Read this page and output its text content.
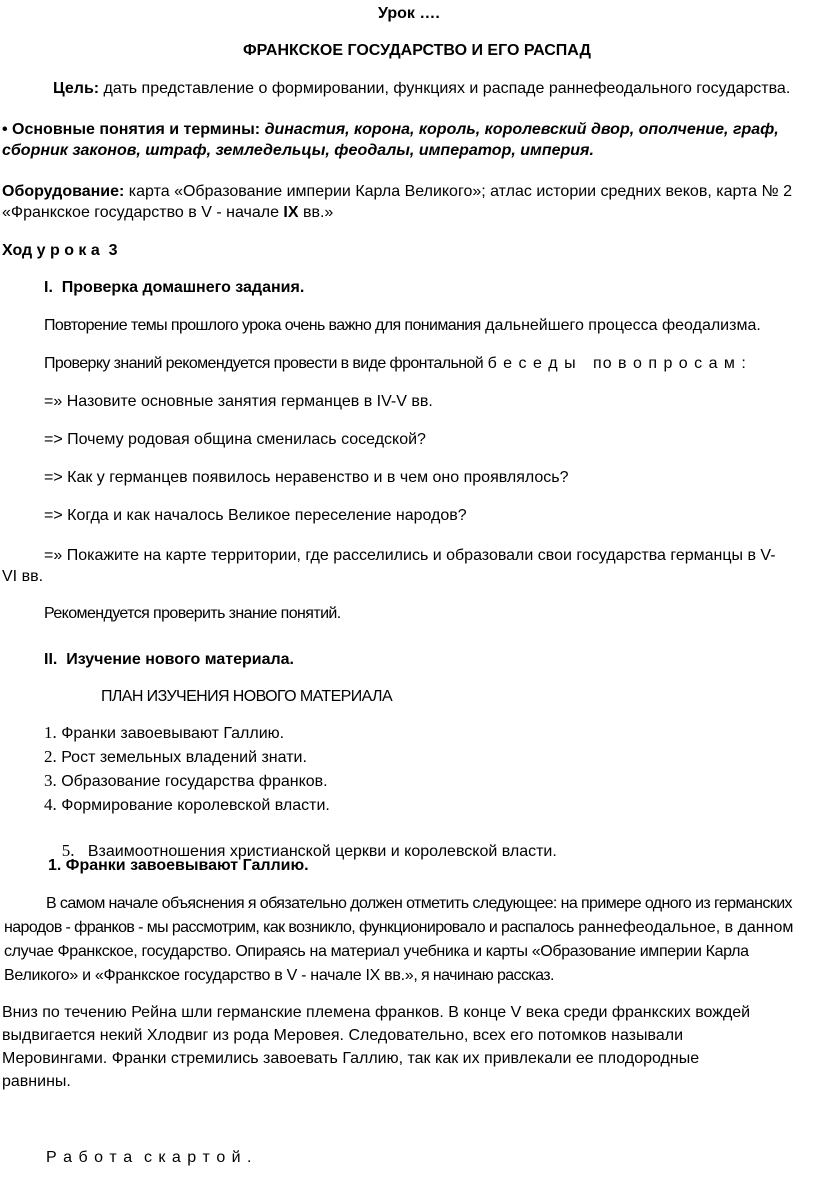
Урок ….
ФРАНКСКОЕ ГОСУДАРСТВО И ЕГО РАСПАД
Цель: дать представление о формировании, функциях и распаде раннефеодального государства.
• Основные понятия и термины: династия, корона, король, королевский двор, ополчение, граф,
сборник законов, штраф, земледельцы, феодалы, император, империя.
Оборудование: карта «Образование империи Карла Великого»; атлас истории средних веков, карта № 2
«Франкское государство в V - начале IX вв.»
Ход у р о к а  3
I.  Проверка домашнего задания.
Повторение темы прошлого урока очень важно для понимания дальнейшего процесса феодализма.
Проверку знаний рекомендуется провести в виде фронтальной б е с е д ы по в о п р о с а м :
=» Назовите основные занятия германцев в IV-V вв.
=> Почему родовая община сменилась соседской?
=> Как у германцев появилось неравенство и в чем оно проявлялось?
=> Когда и как началось Великое переселение народов?
=» Покажите на карте территории, где расселились и образовали свои государства германцы в V-
VI вв.
Рекомендуется проверить знание понятий.
II.  Изучение нового материала.
ПЛАН ИЗУЧЕНИЯ НОВОГО МАТЕРИАЛА
1. Франки завоевывают Галлию.
2. Рост земельных владений знати.
3. Образование государства франков.
4. Формирование королевской власти.

5.   Взаимоотношения христианской церкви и королевской власти.

1. Франки завоевывают Галлию.
В самом начале объяснения я обязательно должен отметить следующее: на примере одного из германских
народов - франков - мы рассмотрим, как возникло, функционировало и распалось раннефеодальное, в данном
случае Франкское, государство. Опираясь на материал учебника и карты «Образование империи Карла
Великого» и «Франкское государство в V - начале IX вв.», я начинаю рассказ.
Вниз по течению Рейна шли германские племена франков. В конце V века среди франкских вождей
выдвигается некий Хлодвиг из рода Меровея. Следовательно, всех его потомков называли
Меровингами. Франки стремились завоевать Галлию, так как их привлекали ее плодородные
равнины.
Р а б о т а  с к а р т о й .
